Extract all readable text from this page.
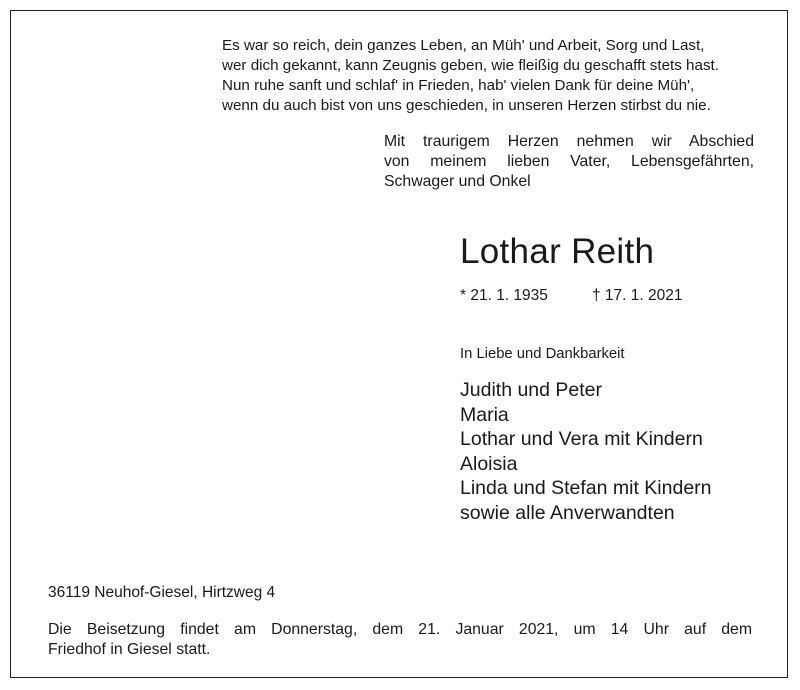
Es war so reich, dein ganzes Leben, an Müh' und Arbeit, Sorg und Last,
wer dich gekannt, kann Zeugnis geben, wie fleißig du geschafft stets hast.
Nun ruhe sanft und schlaf' in Frieden, hab' vielen Dank für deine Müh',
wenn du auch bist von uns geschieden, in unseren Herzen stirbst du nie.
Mit traurigem Herzen nehmen wir Abschied
von meinem lieben Vater, Lebensgefährten,
Schwager und Onkel
Lothar Reith
* 21. 1. 1935	† 17. 1. 2021
In Liebe und Dankbarkeit
Judith und Peter
Maria
Lothar und Vera mit Kindern
Aloisia
Linda und Stefan mit Kindern
sowie alle Anverwandten
36119 Neuhof-Giesel, Hirtzweg 4
Die Beisetzung findet am Donnerstag, dem 21. Januar 2021, um 14 Uhr auf dem
Friedhof in Giesel statt.
